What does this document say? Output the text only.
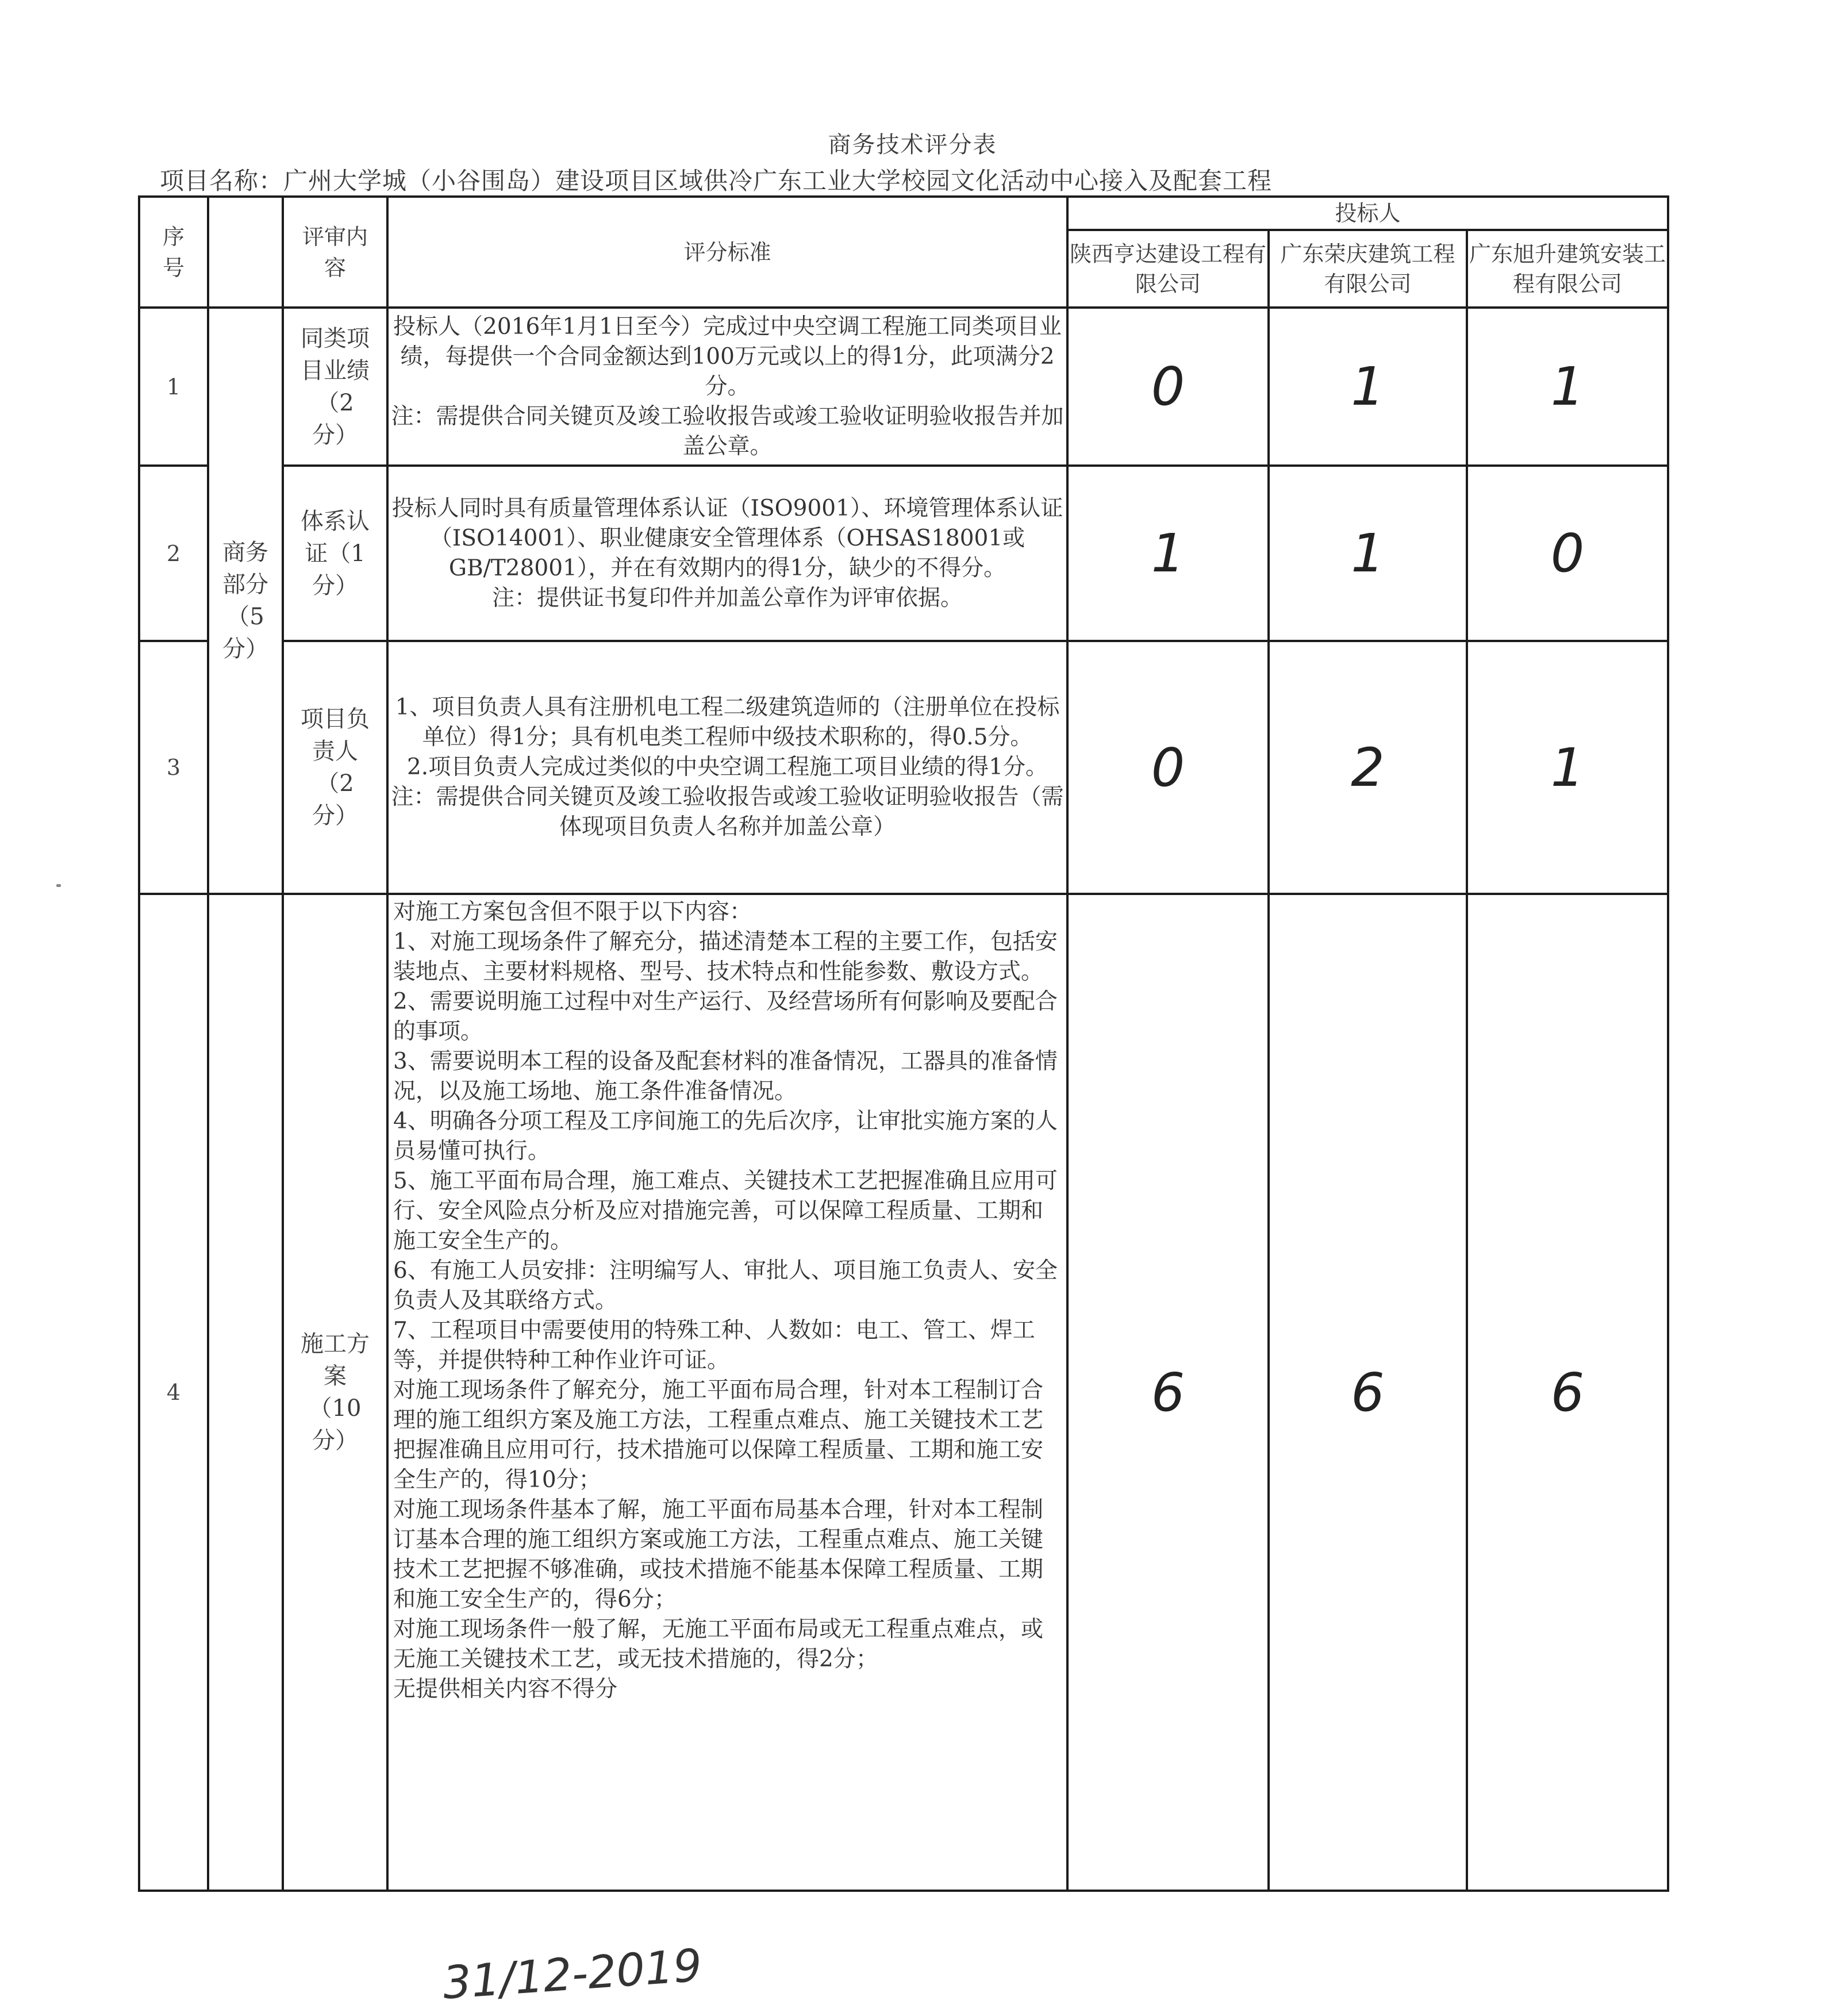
商务技术评分表
项目名称：广州大学城（小谷围岛）建设项目区域供冷广东工业大学校园文化活动中心接入及配套工程
序号		评审内容	评分标准	投标人		
				陕西亨达建设工程有限公司	广东荣庆建筑工程有限公司	广东旭升建筑安装工程有限公司
1	商务部分（5分）	同类项目业绩（2分）	投标人（2016年1月1日至今）完成过中央空调工程施工同类项目业绩，每提供一个合同金额达到100万元或以上的得1分，此项满分2分。

注：需提供合同关键页及竣工验收报告或竣工验收证明验收报告并加盖公章。	0	1	1
2		体系认证（1分）	投标人同时具有质量管理体系认证（ISO9001）、环境管理体系认证（ISO14001）、职业健康安全管理体系（OHSAS18001或GB/T28001），并在有效期内的得1分，缺少的不得分。

注：提供证书复印件并加盖公章作为评审依据。	1	1	0
3		项目负责人（2分）	1、项目负责人具有注册机电工程二级建筑造师的（注册单位在投标单位）得1分；具有机电类工程师中级技术职称的，得0.5分。

2.项目负责人完成过类似的中央空调工程施工项目业绩的得1分。

注：需提供合同关键页及竣工验收报告或竣工验收证明验收报告（需体现项目负责人名称并加盖公章）	0	2	1
4		施工方案（10分）	

对施工方案包含但不限于以下内容：

1、对施工现场条件了解充分，描述清楚本工程的主要工作，包括安装地点、主要材料规格、型号、技术特点和性能参数、敷设方式。

2、需要说明施工过程中对生产运行、及经营场所有何影响及要配合的事项。

3、需要说明本工程的设备及配套材料的准备情况，工器具的准备情况，以及施工场地、施工条件准备情况。

4、明确各分项工程及工序间施工的先后次序，让审批实施方案的人员易懂可执行。

5、施工平面布局合理，施工难点、关键技术工艺把握准确且应用可行、安全风险点分析及应对措施完善，可以保障工程质量、工期和施工安全生产的。

6、有施工人员安排：注明编写人、审批人、项目施工负责人、安全负责人及其联络方式。

7、工程项目中需要使用的特殊工种、人数如：电工、管工、焊工等，并提供特种工种作业许可证。

对施工现场条件了解充分，施工平面布局合理，针对本工程制订合理的施工组织方案及施工方法，工程重点难点、施工关键技术工艺把握准确且应用可行，技术措施可以保障工程质量、工期和施工安全生产的，得10分；

对施工现场条件基本了解，施工平面布局基本合理，针对本工程制订基本合理的施工组织方案或施工方法，工程重点难点、施工关键技术工艺把握不够准确，或技术措施不能基本保障工程质量、工期和施工安全生产的，得6分；

对施工现场条件一般了解，无施工平面布局或无工程重点难点，或无施工关键技术工艺，或无技术措施的，得2分；

无提供相关内容不得分

	6	6	6
31/12-2019
